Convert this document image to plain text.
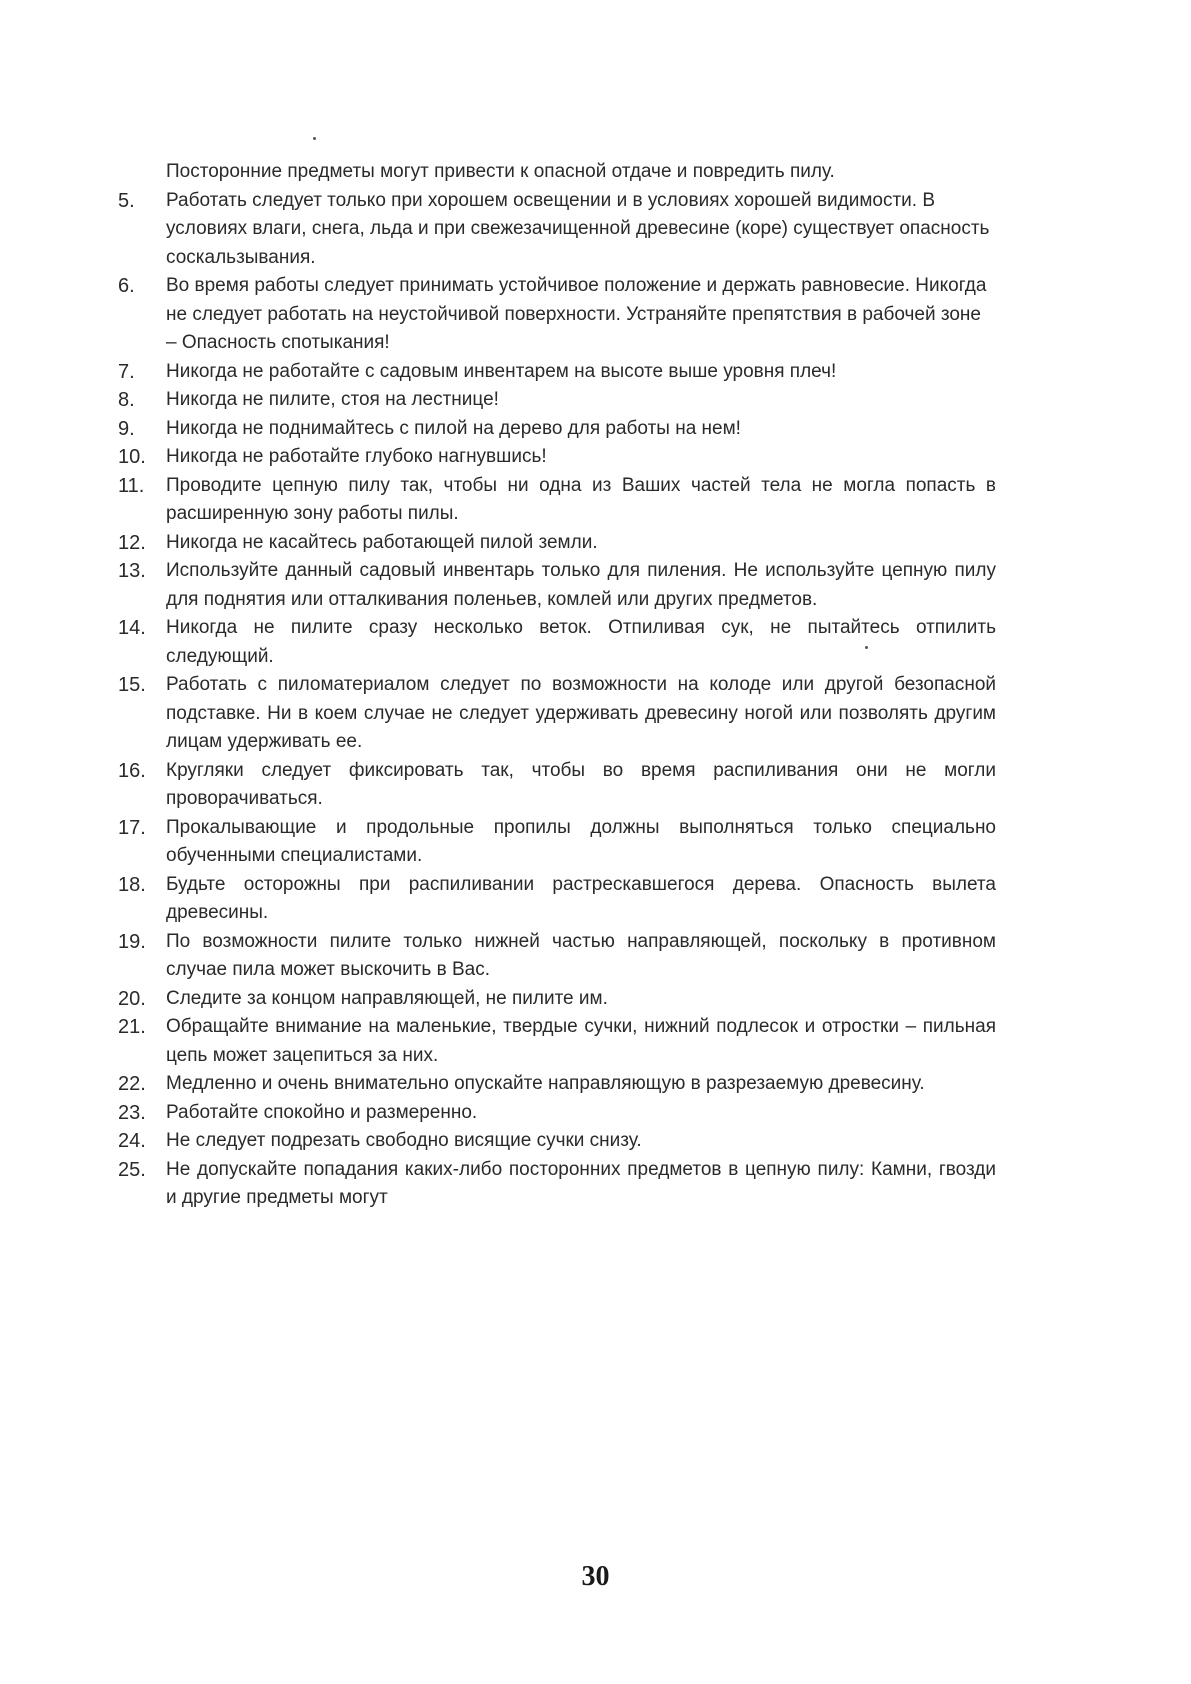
Посторонние предметы могут привести к опасной отдаче и повредить пилу.
5.	Работать следует только при хорошем освещении и в условиях хорошей видимости. В условиях влаги, снега, льда и при свежезачищенной древесине (коре) существует опасность соскальзывания.
6.	Во время работы следует принимать устойчивое положение и держать равновесие. Никогда не следует работать на неустойчивой поверхности. Устраняйте препятствия в рабочей зоне – Опасность спотыкания!
7.	Никогда не работайте с садовым инвентарем на высоте выше уровня плеч!
8.	Никогда не пилите, стоя на лестнице!
9.	Никогда не поднимайтесь с пилой на дерево для работы на нем!
10.	Никогда не работайте глубоко нагнувшись!
11.	Проводите цепную пилу так, чтобы ни одна из Ваших частей тела не могла попасть в расширенную зону работы пилы.
12.	Никогда не касайтесь работающей пилой земли.
13.	Используйте данный садовый инвентарь только для пиления. Не используйте цепную пилу для поднятия или отталкивания поленьев, комлей или других предметов.
14.	Никогда не пилите сразу несколько веток. Отпиливая сук, не пытайтесь отпилить следующий.
15.	Работать с пиломатериалом следует по возможности на колоде или другой безопасной подставке. Ни в коем случае не следует удерживать древесину ногой или позволять другим лицам удерживать ее.
16.	Кругляки следует фиксировать так, чтобы во время распиливания они не могли проворачиваться.
17.	Прокалывающие и продольные пропилы должны выполняться только специально обученными специалистами.
18.	Будьте осторожны при распиливании растрескавшегося дерева. Опасность вылета древесины.
19.	По возможности пилите только нижней частью направляющей, поскольку в противном случае пила может выскочить в Вас.
20.	Следите за концом направляющей, не пилите им.
21.	Обращайте внимание на маленькие, твердые сучки, нижний подлесок и отростки – пильная цепь может зацепиться за них.
22.	Медленно и очень внимательно опускайте направляющую в разрезаемую древесину.
23.	Работайте спокойно и размеренно.
24.	Не следует подрезать свободно висящие сучки снизу.
25.	Не допускайте попадания каких-либо посторонних предметов в цепную пилу: Камни, гвозди и другие предметы могут
30
